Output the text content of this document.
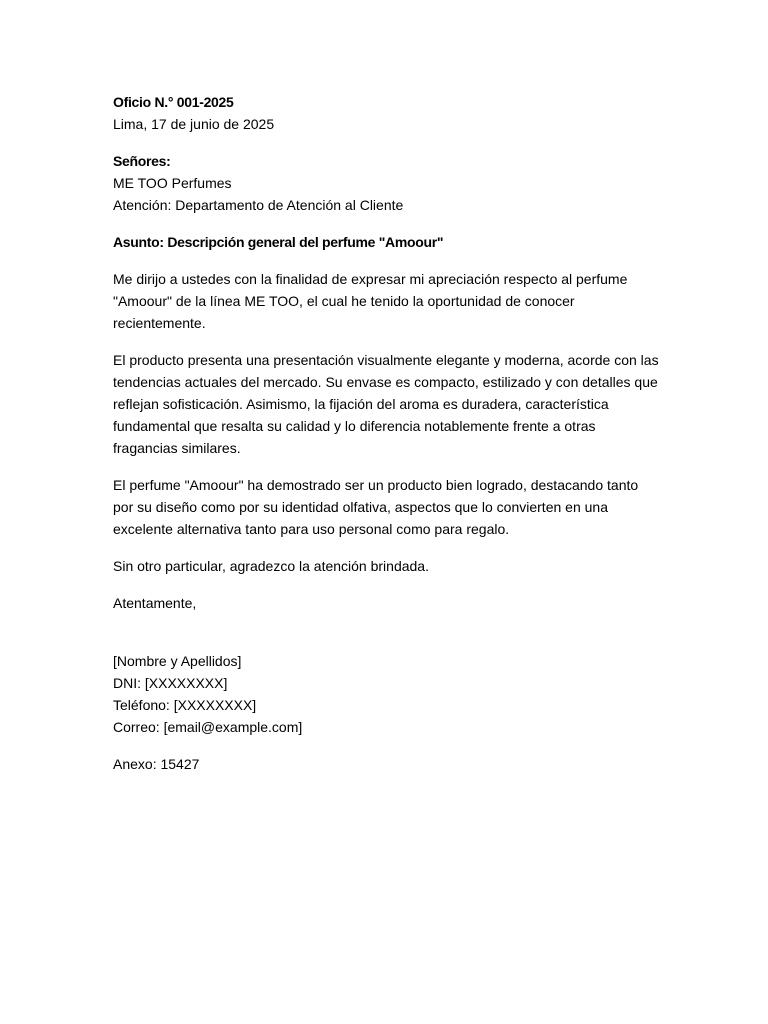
Oficio N.° 001-2025
Lima, 17 de junio de 2025
Señores:
ME TOO Perfumes
Atención: Departamento de Atención al Cliente
Asunto: Descripción general del perfume "Amoour"
Me dirijo a ustedes con la finalidad de expresar mi apreciación respecto al perfume
"Amoour" de la línea ME TOO, el cual he tenido la oportunidad de conocer
recientemente.
El producto presenta una presentación visualmente elegante y moderna, acorde con las
tendencias actuales del mercado. Su envase es compacto, estilizado y con detalles que
reflejan sofisticación. Asimismo, la fijación del aroma es duradera, característica
fundamental que resalta su calidad y lo diferencia notablemente frente a otras
fragancias similares.
El perfume "Amoour" ha demostrado ser un producto bien logrado, destacando tanto
por su diseño como por su identidad olfativa, aspectos que lo convierten en una
excelente alternativa tanto para uso personal como para regalo.
Sin otro particular, agradezco la atención brindada.
Atentamente,
[Nombre y Apellidos]
DNI: [XXXXXXXX]
Teléfono: [XXXXXXXX]
Correo: [email@example.com]
Anexo: 15427
